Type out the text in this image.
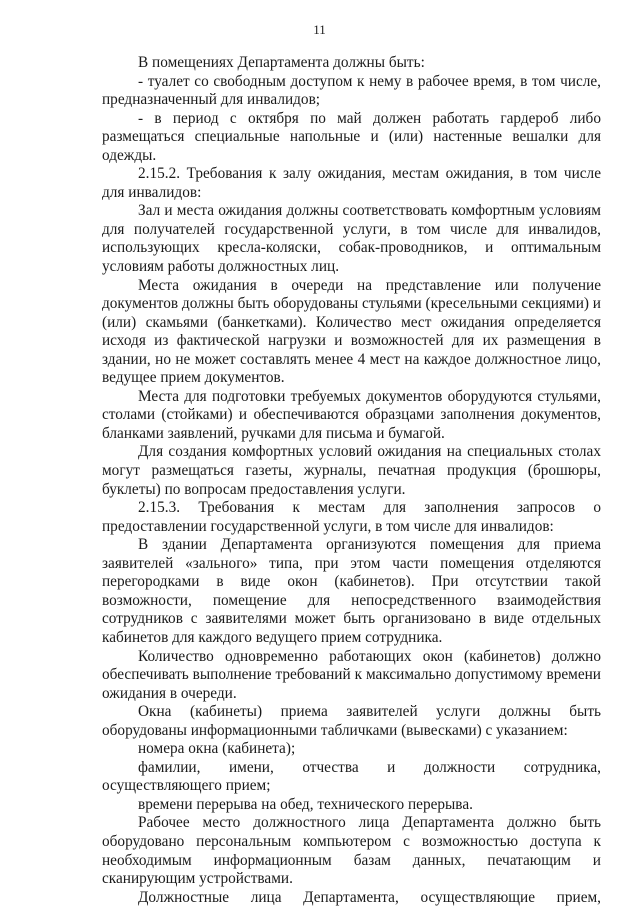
11

В помещениях Департамента должны быть:

- туалет со свободным доступом к нему в рабочее время, в том числе, предназначенный для инвалидов;

- в период с октября по май должен работать гардероб либо размещаться специальные напольные и (или) настенные вешалки для одежды.

2.15.2. Требования к залу ожидания, местам ожидания, в том числе для инвалидов:

Зал и места ожидания должны соответствовать комфортным условиям для получателей государственной услуги, в том числе для инвалидов, использующих кресла-коляски, собак-проводников, и оптимальным условиям работы должностных лиц.

Места ожидания в очереди на представление или получение документов должны быть оборудованы стульями (кресельными секциями) и (или) скамьями (банкетками). Количество мест ожидания определяется исходя из фактической нагрузки и возможностей для их размещения в здании, но не может составлять менее 4 мест на каждое должностное лицо, ведущее прием документов.

Места для подготовки требуемых документов оборудуются стульями, столами (стойками) и обеспечиваются образцами заполнения документов, бланками заявлений, ручками для письма и бумагой.

Для создания комфортных условий ожидания на специальных столах могут размещаться газеты, журналы, печатная продукция (брошюры, буклеты) по вопросам предоставления услуги.

2.15.3. Требования к местам для заполнения запросов о предоставлении государственной услуги, в том числе для инвалидов:

В здании Департамента организуются помещения для приема заявителей «зального» типа, при этом части помещения отделяются перегородками в виде окон (кабинетов). При отсутствии такой возможности, помещение для непосредственного взаимодействия сотрудников с заявителями может быть организовано в виде отдельных кабинетов для каждого ведущего прием сотрудника.

Количество одновременно работающих окон (кабинетов) должно обеспечивать выполнение требований к максимально допустимому времени ожидания в очереди.

Окна (кабинеты) приема заявителей услуги должны быть оборудованы информационными табличками (вывесками) с указанием:

номера окна (кабинета);

фамилии, имени, отчества и должности сотрудника, осуществляющего прием;

времени перерыва на обед, технического перерыва.

Рабочее место должностного лица Департамента должно быть оборудовано персональным компьютером с возможностью доступа к необходимым информационным базам данных, печатающим и сканирующим устройствами.

Должностные лица Департамента, осуществляющие прием,
